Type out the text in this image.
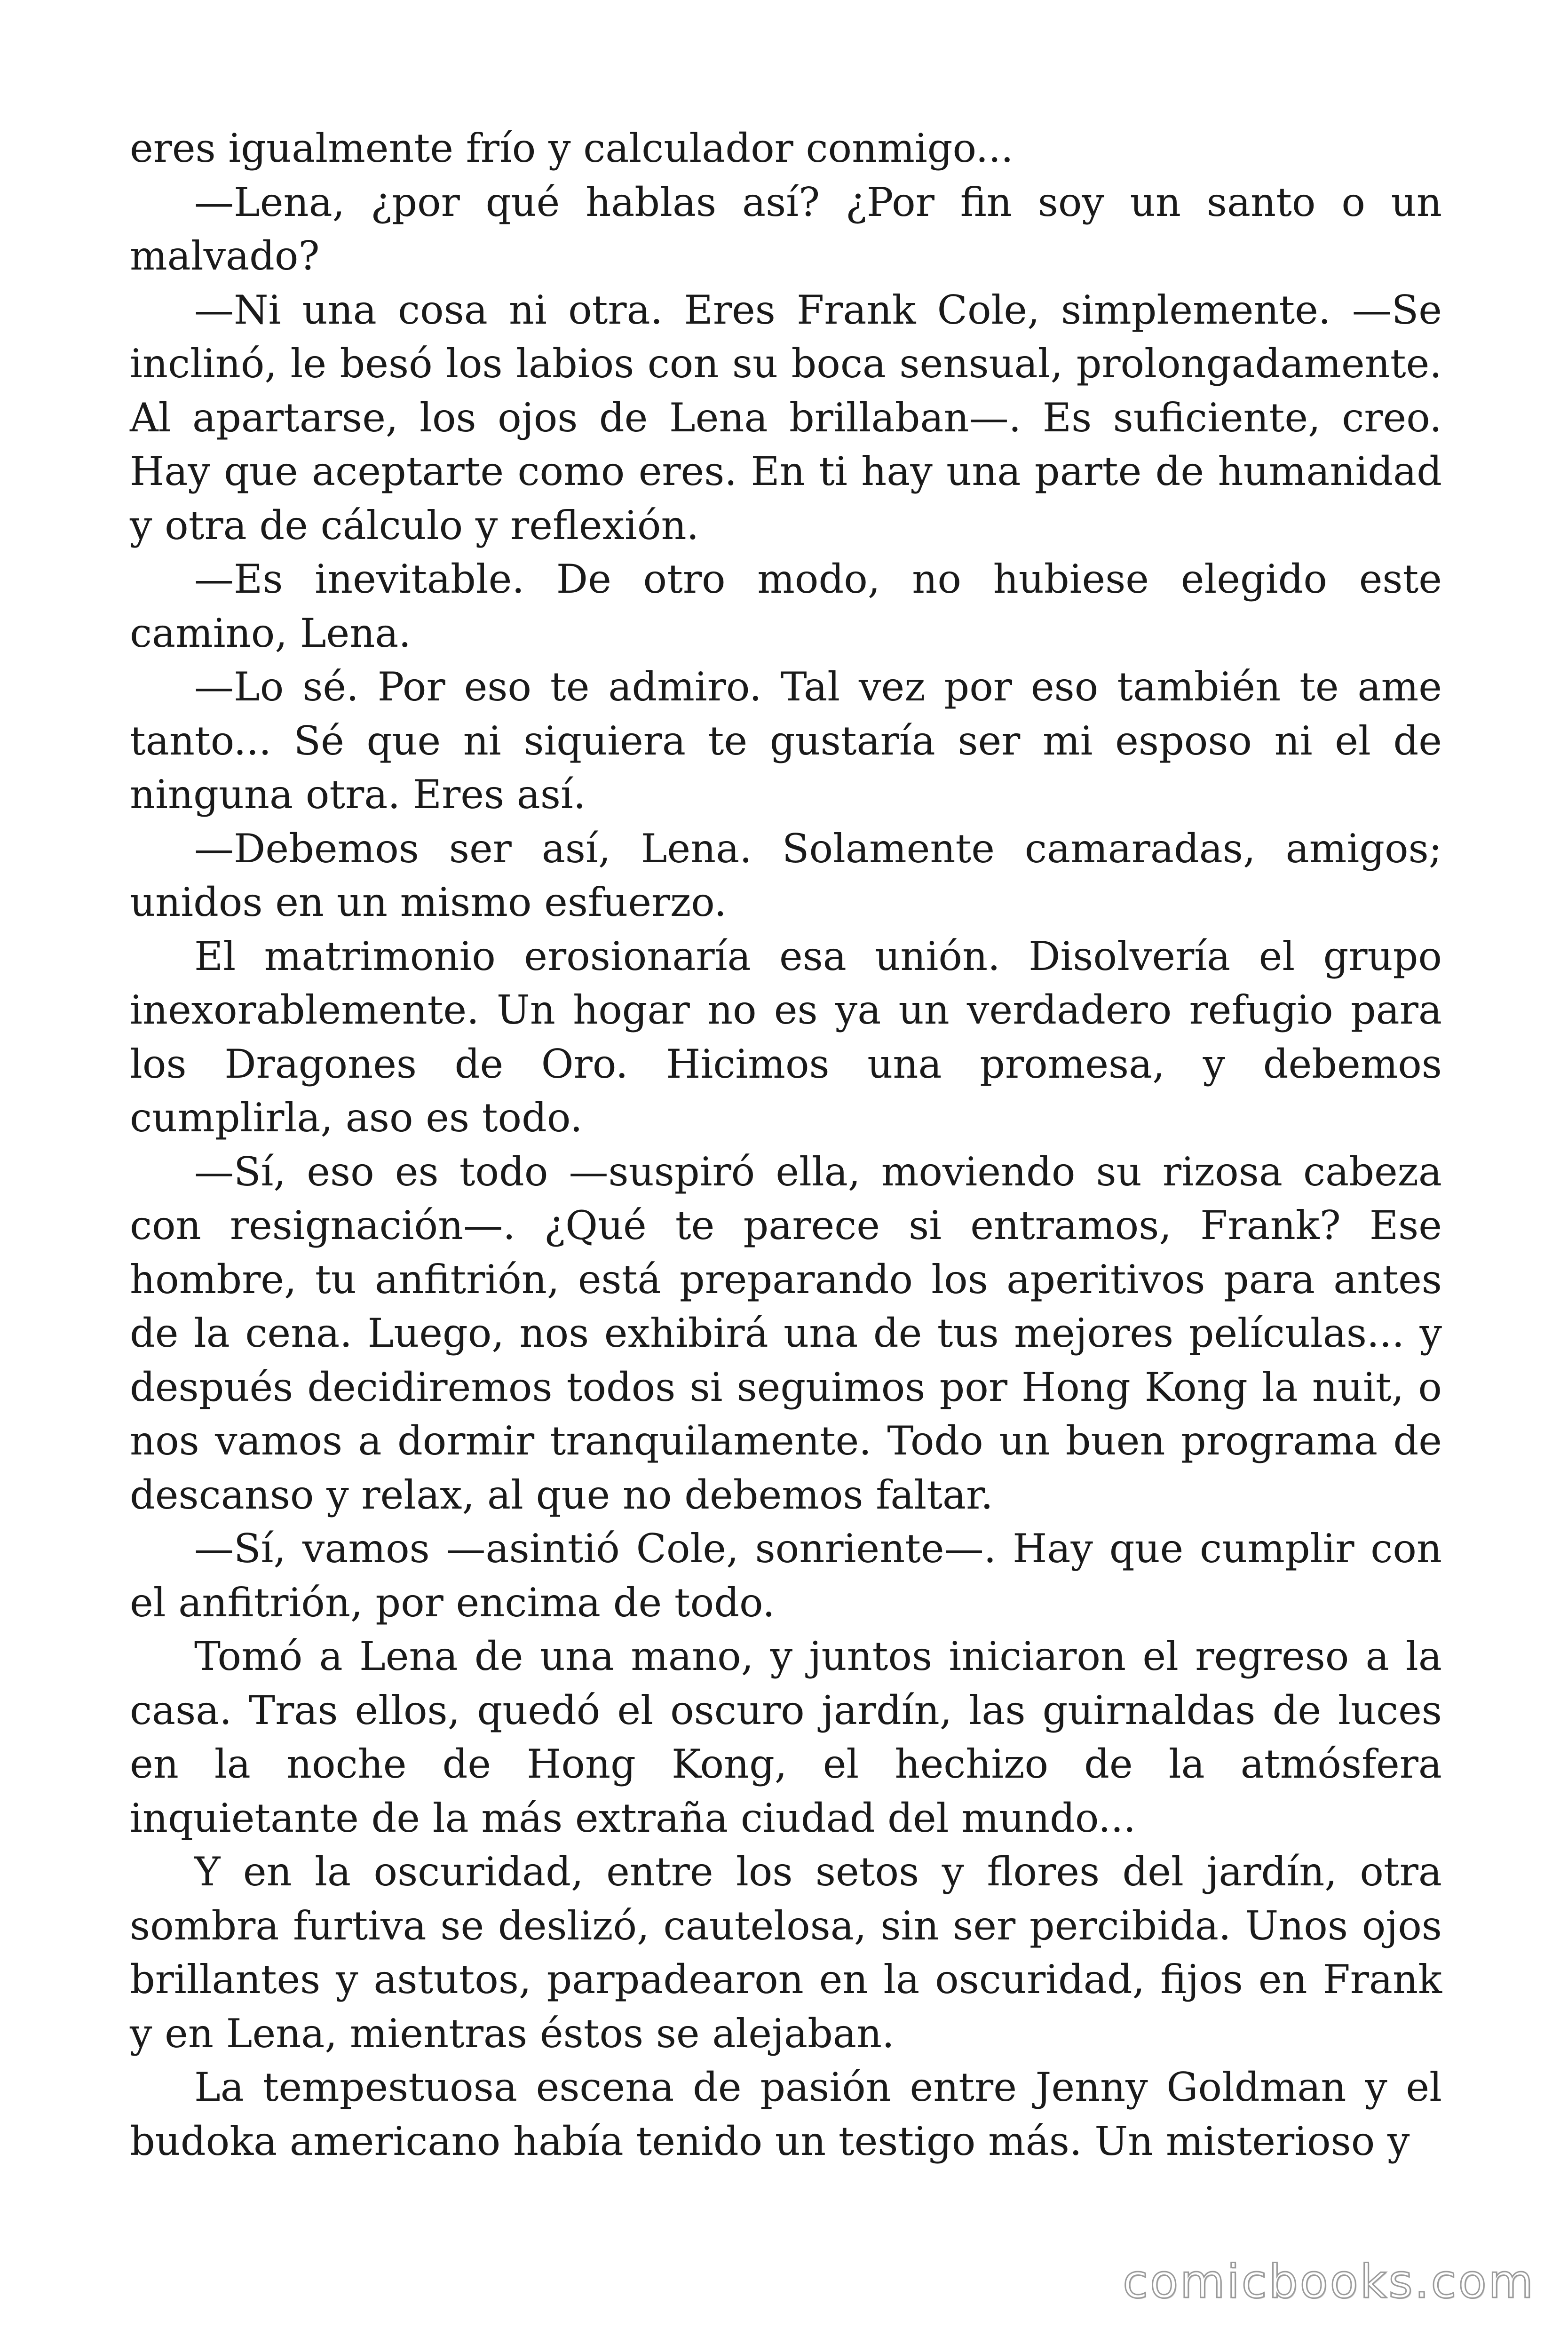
eres igualmente frío y calculador conmigo...

—Lena, ¿por qué hablas así? ¿Por fin soy un santo o un malvado?

—Ni una cosa ni otra. Eres Frank Cole, simplemente. —Se inclinó, le besó los labios con su boca sensual, prolongadamente. Al apartarse, los ojos de Lena brillaban—. Es suficiente, creo. Hay que aceptarte como eres. En ti hay una parte de humanidad y otra de cálculo y reflexión.

—Es inevitable. De otro modo, no hubiese elegido este camino, Lena.

—Lo sé. Por eso te admiro. Tal vez por eso también te ame tanto... Sé que ni siquiera te gustaría ser mi esposo ni el de ninguna otra. Eres así.

—Debemos ser así, Lena. Solamente camaradas, amigos; unidos en un mismo esfuerzo.

El matrimonio erosionaría esa unión. Disolvería el grupo inexorablemente. Un hogar no es ya un verdadero refugio para los Dragones de Oro. Hicimos una promesa, y debemos cumplirla, aso es todo.

—Sí, eso es todo —suspiró ella, moviendo su rizosa cabeza con resignación—. ¿Qué te parece si entramos, Frank? Ese hombre, tu anfitrión, está preparando los aperitivos para antes de la cena. Luego, nos exhibirá una de tus mejores películas... y después decidiremos todos si seguimos por Hong Kong la nuit, o nos vamos a dormir tranquilamente. Todo un buen programa de descanso y relax, al que no debemos faltar.

—Sí, vamos —asintió Cole, sonriente—. Hay que cumplir con el anfitrión, por encima de todo.

Tomó a Lena de una mano, y juntos iniciaron el regreso a la casa. Tras ellos, quedó el oscuro jardín, las guirnaldas de luces en la noche de Hong Kong, el hechizo de la atmósfera inquietante de la más extraña ciudad del mundo...

Y en la oscuridad, entre los setos y flores del jardín, otra sombra furtiva se deslizó, cautelosa, sin ser percibida. Unos ojos brillantes y astutos, parpadearon en la oscuridad, fijos en Frank y en Lena, mientras éstos se alejaban.

La tempestuosa escena de pasión entre Jenny Goldman y el budoka americano había tenido un testigo más. Un misterioso y

comicbooks.com
